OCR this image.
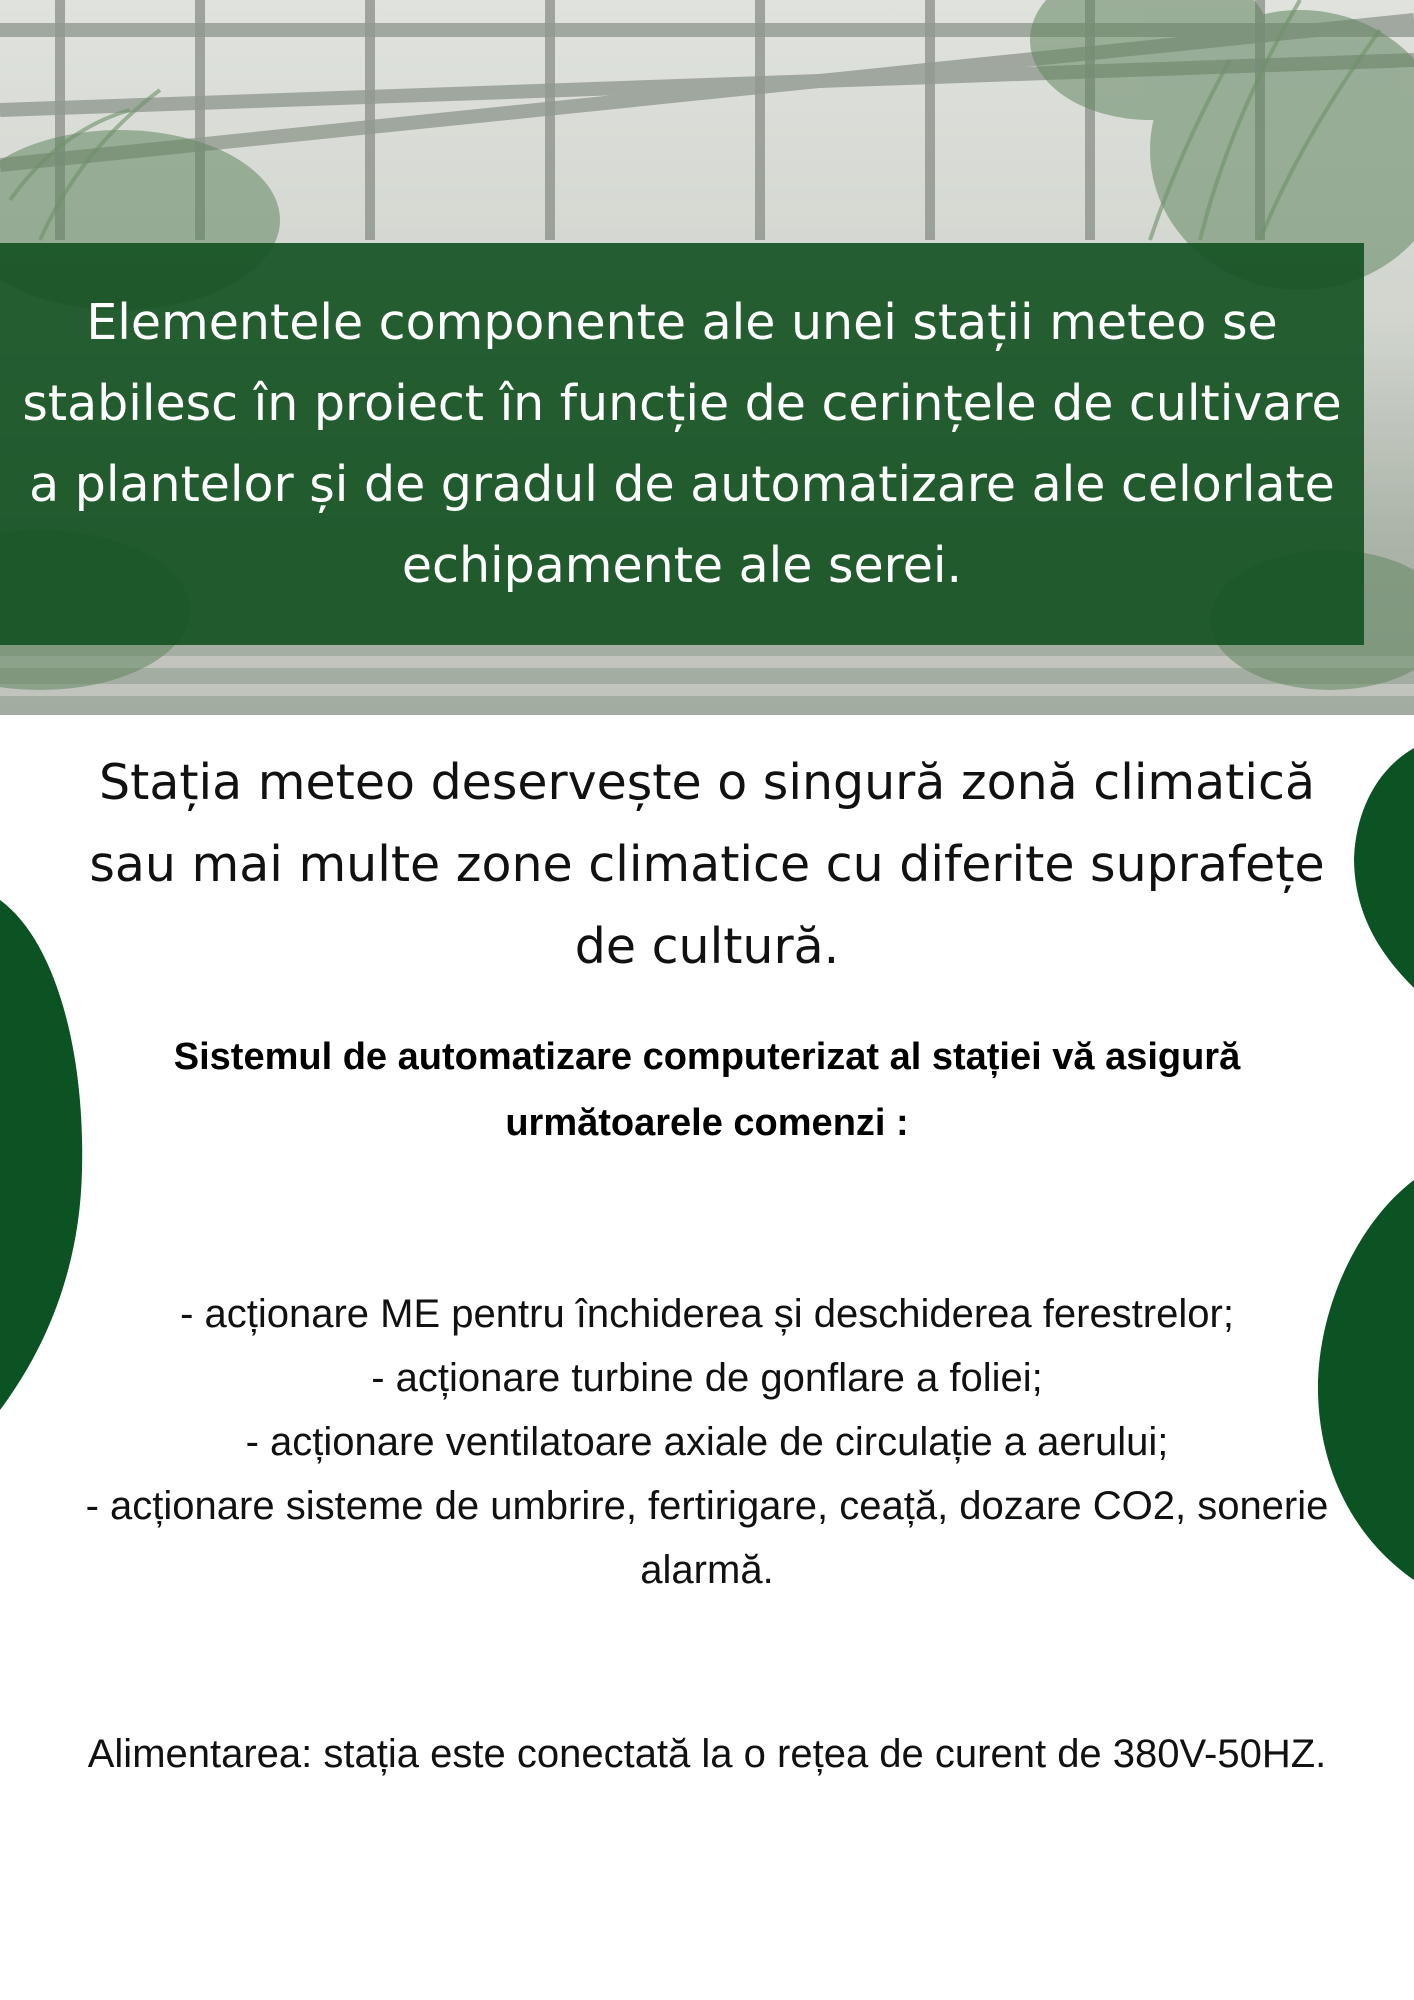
Elementele componente ale unei stații meteo se stabilesc în proiect în funcție de cerințele de cultivare a plantelor și de gradul de automatizare ale celorlate echipamente ale serei.

Stația meteo deservește o singură zonă climatică sau mai multe zone climatice cu diferite suprafețe de cultură.

Sistemul de automatizare computerizat al stației vă asigură următoarele comenzi :

- acționare ME pentru închiderea și deschiderea ferestrelor;
- acționare turbine de gonflare a foliei;
- acționare ventilatoare axiale de circulație a aerului;
- acționare sisteme de umbrire, fertirigare, ceață, dozare CO2, sonerie alarmă.

Alimentarea: stația este conectată la o rețea de curent de 380V-50HZ.
